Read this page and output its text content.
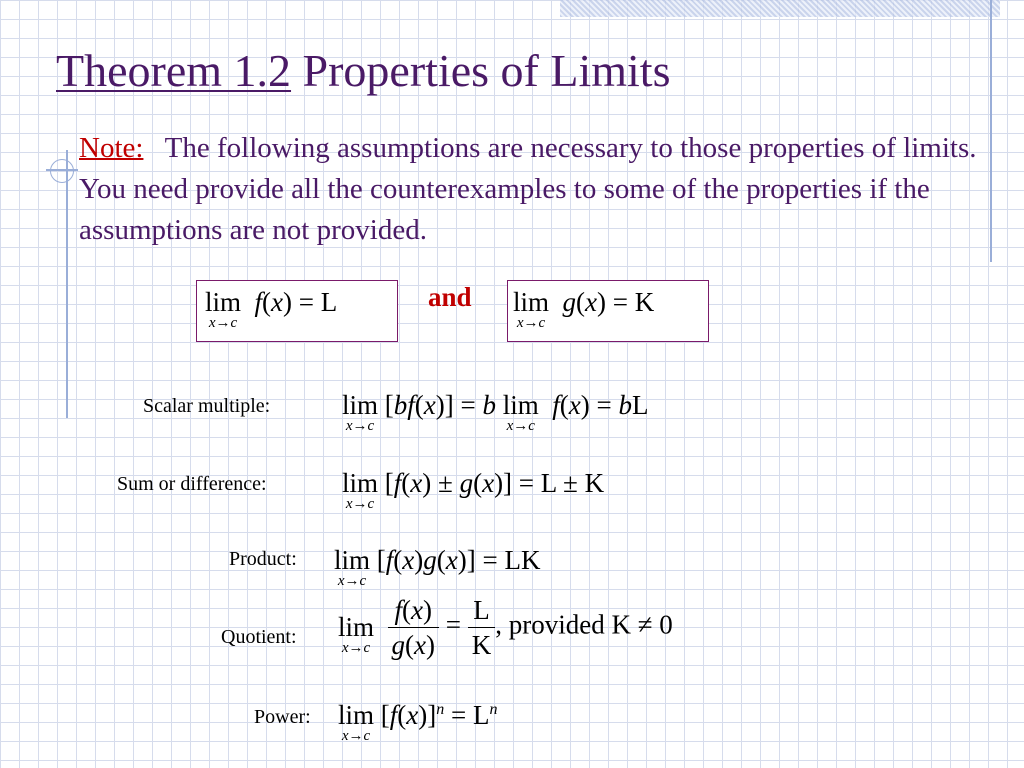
Theorem 1.2 Properties of Limits
Note: The following assumptions are necessary to those properties of limits. You need provide all the counterexamples to some of the properties if the assumptions are not provided.
lim
x→c
f(x) = L	and lim
x→c
g(x) = K
Scalar multiple:	lim
x→c
[bf(x)] = b lim
x→c
f(x) = bL
Sum or difference:	lim
x→c
[f(x) ± g(x)] = L ± K
Product: lim
x→c
[f(x)g(x)] = LK
Quotient: lim
x→c
$\frac{f(x)}{g(x)} = \frac{L}{K}$ , provided K ≠ 0
Power: lim
x→c
$[f(x)]^n = L^n$
